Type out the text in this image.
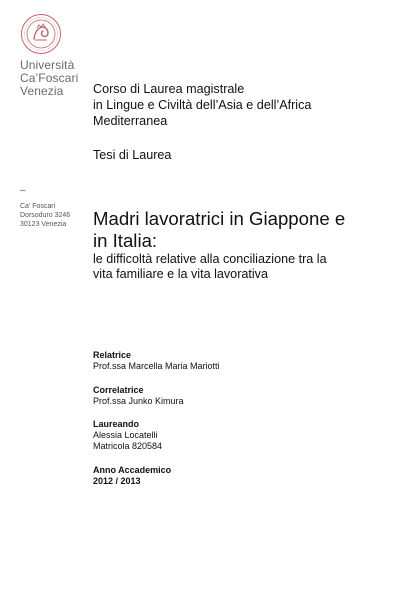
Università
Ca’Foscari
Venezia
–
Ca’ Foscari
Dorsoduro 3246
30123 Venezia
Corso di Laurea magistrale
in Lingue e Civiltà dell’Asia e dell’Africa
Mediterranea
Tesi di Laurea
Madri lavoratrici in Giappone e
in Italia:
le difficoltà relative alla conciliazione tra la
vita familiare e la vita lavorativa
Relatrice
Prof.ssa Marcella Maria Mariotti
Correlatrice
Prof.ssa Junko Kimura
Laureando
Alessia Locatelli
Matricola 820584
Anno Accademico
2012 / 2013
